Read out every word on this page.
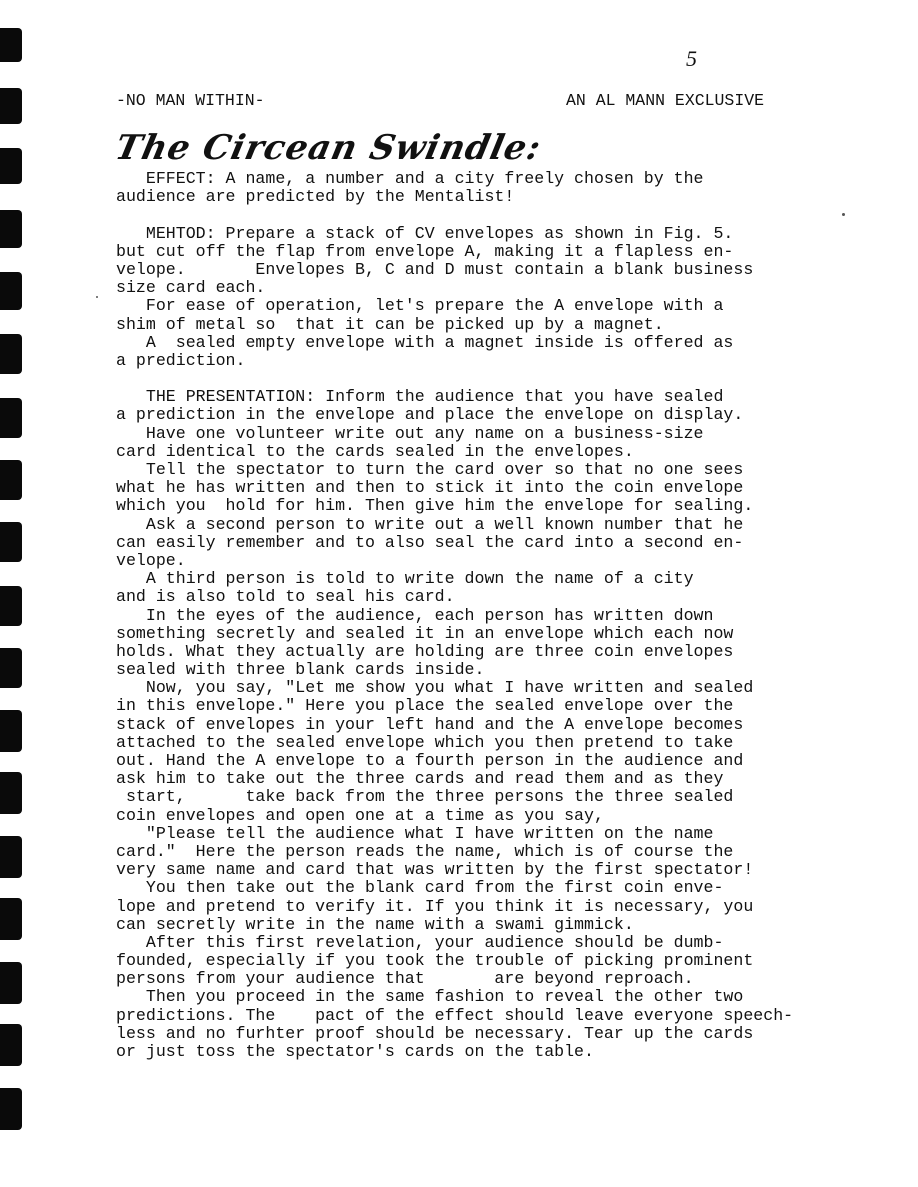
5
-NO MAN WITHIN-	AN AL MANN EXCLUSIVE
The Circean Swindle:
EFFECT: A name, a number and a city freely chosen by the
audience are predicted by the Mentalist!

MEHTOD: Prepare a stack of CV envelopes as shown in Fig. 5.
but cut off the flap from envelope A, making it a flapless en-
velope.       Envelopes B, C and D must contain a blank business
size card each.
For ease of operation, let's prepare the A envelope with a
shim of metal so  that it can be picked up by a magnet.
A  sealed empty envelope with a magnet inside is offered as
a prediction.

THE PRESENTATION: Inform the audience that you have sealed
a prediction in the envelope and place the envelope on display.
Have one volunteer write out any name on a business-size
card identical to the cards sealed in the envelopes.
Tell the spectator to turn the card over so that no one sees
what he has written and then to stick it into the coin envelope
which you  hold for him. Then give him the envelope for sealing.
Ask a second person to write out a well known number that he
can easily remember and to also seal the card into a second en-
velope.
A third person is told to write down the name of a city
and is also told to seal his card.
In the eyes of the audience, each person has written down
something secretly and sealed it in an envelope which each now
holds. What they actually are holding are three coin envelopes
sealed with three blank cards inside.
Now, you say, "Let me show you what I have written and sealed
in this envelope." Here you place the sealed envelope over the
stack of envelopes in your left hand and the A envelope becomes
attached to the sealed envelope which you then pretend to take
out. Hand the A envelope to a fourth person in the audience and
ask him to take out the three cards and read them and as they
start,      take back from the three persons the three sealed
coin envelopes and open one at a time as you say,
"Please tell the audience what I have written on the name
card."  Here the person reads the name, which is of course the
very same name and card that was written by the first spectator!
You then take out the blank card from the first coin enve-
lope and pretend to verify it. If you think it is necessary, you
can secretly write in the name with a swami gimmick.
After this first revelation, your audience should be dumb-
founded, especially if you took the trouble of picking prominent
persons from your audience that       are beyond reproach.
Then you proceed in the same fashion to reveal the other two
predictions. The    pact of the effect should leave everyone speech-
less and no furhter proof should be necessary. Tear up the cards
or just toss the spectator's cards on the table.
